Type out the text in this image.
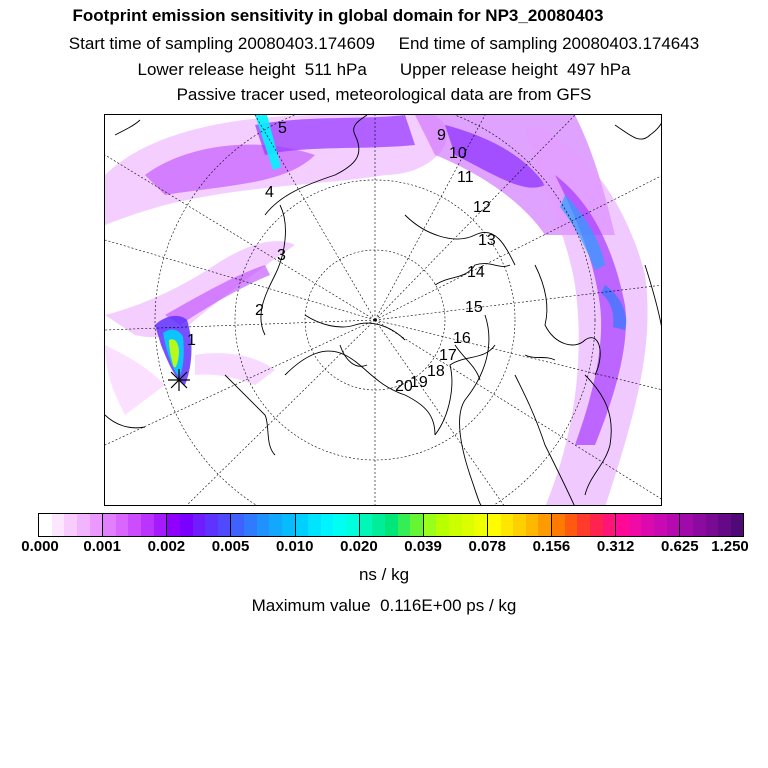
Footprint emission sensitivity in global domain for NP3_20080403
Start time of sampling 20080403.174609     End time of sampling 20080403.174643
Lower release height  511 hPa       Upper release height  497 hPa
Passive tracer used, meteorological data are from GFS
1
2
3
4
5	9
10
11
12
13
14
15
16
17
18
19
20
0.000 0.001 0.002 0.005 0.010 0.020 0.039 0.078 0.156 0.312 0.625 1.250
ns / kg
Maximum value  0.116E+00 ps / kg
